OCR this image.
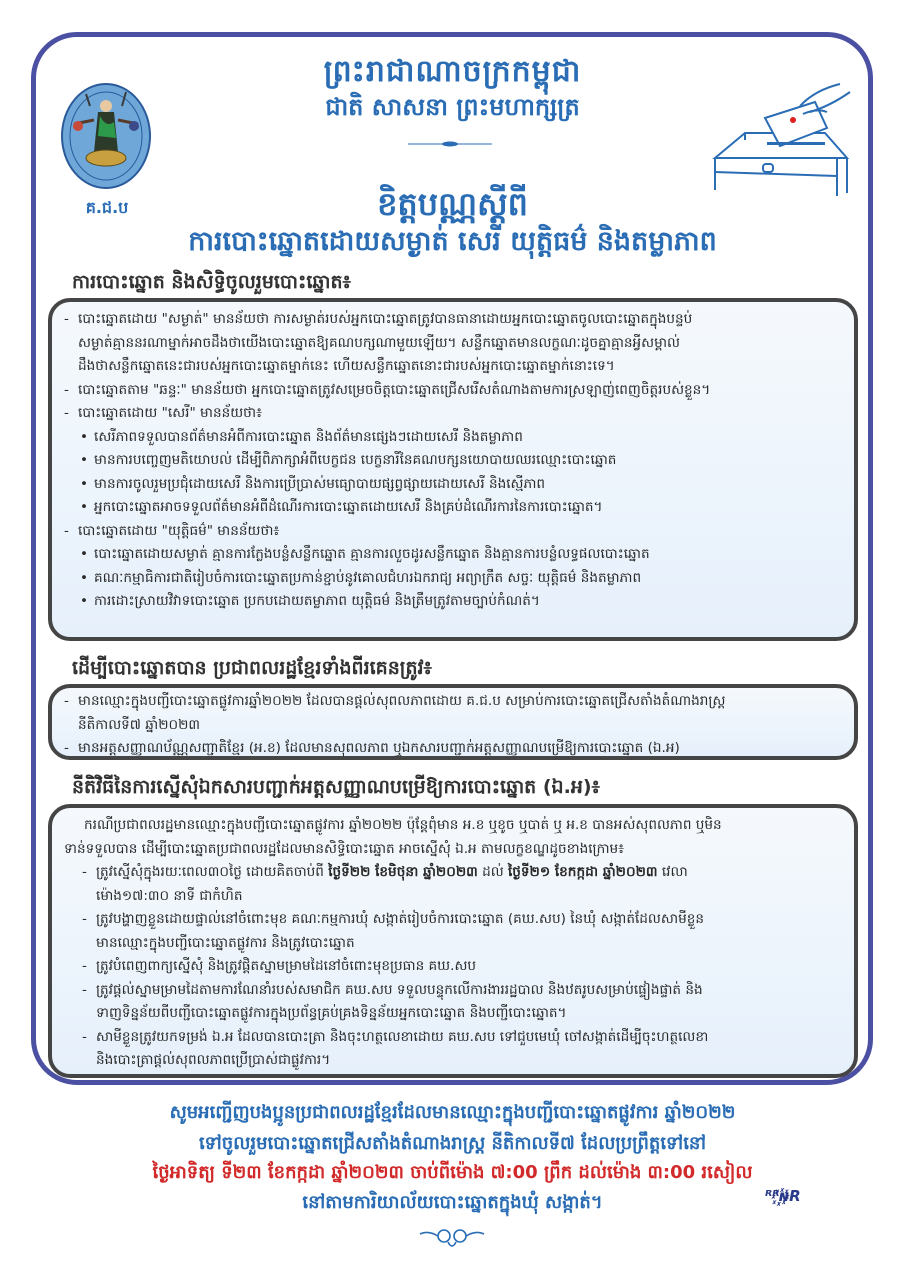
គ.ជ.ប
ព្រះរាជាណាចក្រកម្ពុជា
ជាតិ សាសនា ព្រះមហាក្សត្រ
ខិត្តបណ្ណស្តីពី
ការបោះឆ្នោតដោយសម្ងាត់ សេរី យុត្តិធម៌ និងតម្លាភាព
ការបោះឆ្នោត និងសិទ្ធិចូលរួមបោះឆ្នោត៖
- បោះឆ្នោតដោយ "សម្ងាត់" មានន័យថា ការសម្ងាត់របស់អ្នកបោះឆ្នោតត្រូវបានធានាដោយអ្នកបោះឆ្នោតចូលបោះឆ្នោតក្នុងបន្ទប់
សម្ងាត់គ្មាននរណាម្នាក់អាចដឹងថាយើងបោះឆ្នោតឱ្យគណបក្សណាមួយឡើយ។ សន្លឹកឆ្នោតមានលក្ខណៈដូចគ្នាគ្មានអ្វីសម្គាល់
ដឹងថាសន្លឹកឆ្នោតនេះជារបស់អ្នកបោះឆ្នោតម្នាក់នេះ ហើយសន្លឹកឆ្នោតនោះជារបស់អ្នកបោះឆ្នោតម្នាក់នោះទេ។
- បោះឆ្នោតតាម "ឆន្ទៈ" មានន័យថា អ្នកបោះឆ្នោតត្រូវសម្រេចចិត្តបោះឆ្នោតជ្រើសរើសតំណាងតាមការស្រឡាញ់ពេញចិត្តរបស់ខ្លួន។
- បោះឆ្នោតដោយ "សេរី" មានន័យថា៖
• សេរីភាពទទួលបានព័ត៌មានអំពីការបោះឆ្នោត និងព័ត៌មានផ្សេងៗដោយសេរី និងតម្លាភាព
• មានការបញ្ចេញមតិយោបល់ ដើម្បីពិភាក្សាអំពីបេក្ខជន បេក្ខនារីនៃគណបក្សនយោបាយឈរឈ្មោះបោះឆ្នោត
• មានការចូលរួមប្រជុំដោយសេរី និងការប្រើប្រាស់មធ្យោបាយផ្សព្វផ្សាយដោយសេរី និងស្មើភាព
• អ្នកបោះឆ្នោតអាចទទួលព័ត៌មានអំពីដំណើរការបោះឆ្នោតដោយសេរី និងគ្រប់ដំណើរការនៃការបោះឆ្នោត។
- បោះឆ្នោតដោយ "យុត្តិធម៌" មានន័យថា៖
• បោះឆ្នោតដោយសម្ងាត់ គ្មានការក្លែងបន្លំសន្លឹកឆ្នោត គ្មានការលួចដូរសន្លឹកឆ្នោត និងគ្មានការបន្លំលទ្ធផលបោះឆ្នោត
• គណៈកម្មាធិការជាតិរៀបចំការបោះឆ្នោតប្រកាន់ខ្ជាប់នូវគោលជំហរឯករាជ្យ អព្យាក្រឹត សច្ចៈ យុត្តិធម៌ និងតម្លាភាព
• ការដោះស្រាយវិវាទបោះឆ្នោត ប្រកបដោយតម្លាភាព យុត្តិធម៌ និងត្រឹមត្រូវតាមច្បាប់កំណត់។
ដើម្បីបោះឆ្នោតបាន ប្រជាពលរដ្ឋខ្មែរទាំងពីរគេនត្រូវ៖
- មានឈ្មោះក្នុងបញ្ជីបោះឆ្នោតផ្លូវការឆ្នាំ២០២២ ដែលបានផ្តល់សុពលភាពដោយ គ.ជ.ប សម្រាប់ការបោះឆ្នោតជ្រើសតាំងតំណាងរាស្រ្ត
នីតិកាលទី៧ ឆ្នាំ២០២៣
- មានអត្តសញ្ញាណប័ណ្ណសញ្ជាតិខ្មែរ (អ.ខ) ដែលមានសុពលភាព ឬឯកសារបញ្ជាក់អត្តសញ្ញាណបម្រើឱ្យការបោះឆ្នោត (ឯ.អ)
នីតិវិធីនៃការស្នើសុំឯកសារបញ្ជាក់អត្តសញ្ញាណបម្រើឱ្យការបោះឆ្នោត (ឯ.អ)៖
ករណីប្រជាពលរដ្ឋមានឈ្មោះក្នុងបញ្ជីបោះឆ្នោតផ្លូវការ ឆ្នាំ២០២២ ប៉ុន្តែពុំមាន អ.ខ ឬខូច ឬបាត់ ឬ អ.ខ បានអស់សុពលភាព ឬមិន
ទាន់ទទួលបាន ដើម្បីបោះឆ្នោតប្រជាពលរដ្ឋដែលមានសិទ្ធិបោះឆ្នោត អាចស្នើសុំ ឯ.អ តាមលក្ខខណ្ឌដូចខាងក្រោម៖
- ត្រូវស្នើសុំក្នុងរយៈពេល៣០ថ្ងៃ ដោយគិតចាប់ពី ថ្ងៃទី២២ ខែមិថុនា ឆ្នាំ២០២៣ ដល់ ថ្ងៃទី២១ ខែកក្កដា ឆ្នាំ២០២៣ វេលា
ម៉ោង១៧:៣០ នាទី ជាកំហិត
- ត្រូវបង្ហាញខ្លួនដោយផ្ទាល់នៅចំពោះមុខ គណៈកម្មការឃុំ សង្កាត់រៀបចំការបោះឆ្នោត (គឃ.សប) នៃឃុំ សង្កាត់ដែលសាមីខ្លួន
មានឈ្មោះក្នុងបញ្ជីបោះឆ្នោតផ្លូវការ និងត្រូវបោះឆ្នោត
- ត្រូវបំពេញពាក្យស្នើសុំ និងត្រូវផ្តិតស្នាមម្រាមដៃនៅចំពោះមុខប្រធាន គឃ.សប
- ត្រូវផ្តល់ស្នាមម្រាមដៃតាមការណែនាំរបស់សមាជិក គឃ.សប ទទួលបន្ទុកលើការងាររដ្ឋបាល និងឋតរូបសម្រាប់ផ្ទៀងផ្ទាត់ និង
ទាញទិន្នន័យពីបញ្ជីបោះឆ្នោតផ្លូវការក្នុងប្រព័ន្ធគ្រប់គ្រងទិន្នន័យអ្នកបោះឆ្នោត និងបញ្ជីបោះឆ្នោត។
- សាមីខ្លួនត្រូវយកទម្រង់ ឯ.អ ដែលបានបោះត្រា និងចុះហត្ថលេខាដោយ គឃ.សប ទៅជួបមេឃុំ ចៅសង្កាត់ដើម្បីចុះហត្ថលេខា
និងបោះត្រាផ្តល់សុពលភាពប្រើប្រាស់ជាផ្លូវការ។
សូមអញ្ជើញបងប្អូនប្រជាពលរដ្ឋខ្មែរដែលមានឈ្មោះក្នុងបញ្ជីបោះឆ្នោតផ្លូវការ ឆ្នាំ២០២២
ទៅចូលរួមបោះឆ្នោតជ្រើសតាំងតំណាងរាស្រ្ត នីតិកាលទី៧ ដែលប្រព្រឹត្តទៅនៅ
ថ្ងៃអាទិត្យ ទី២៣ ខែកក្កដា ឆ្នាំ២០២៣ ចាប់ពីម៉ោង ៧:00 ព្រឹក ដល់ម៉ោង ៣:00 រសៀល
នៅតាមការិយាល័យបោះឆ្នោតក្នុងឃុំ សង្កាត់។	ᴿᴿ꙰ɴR
